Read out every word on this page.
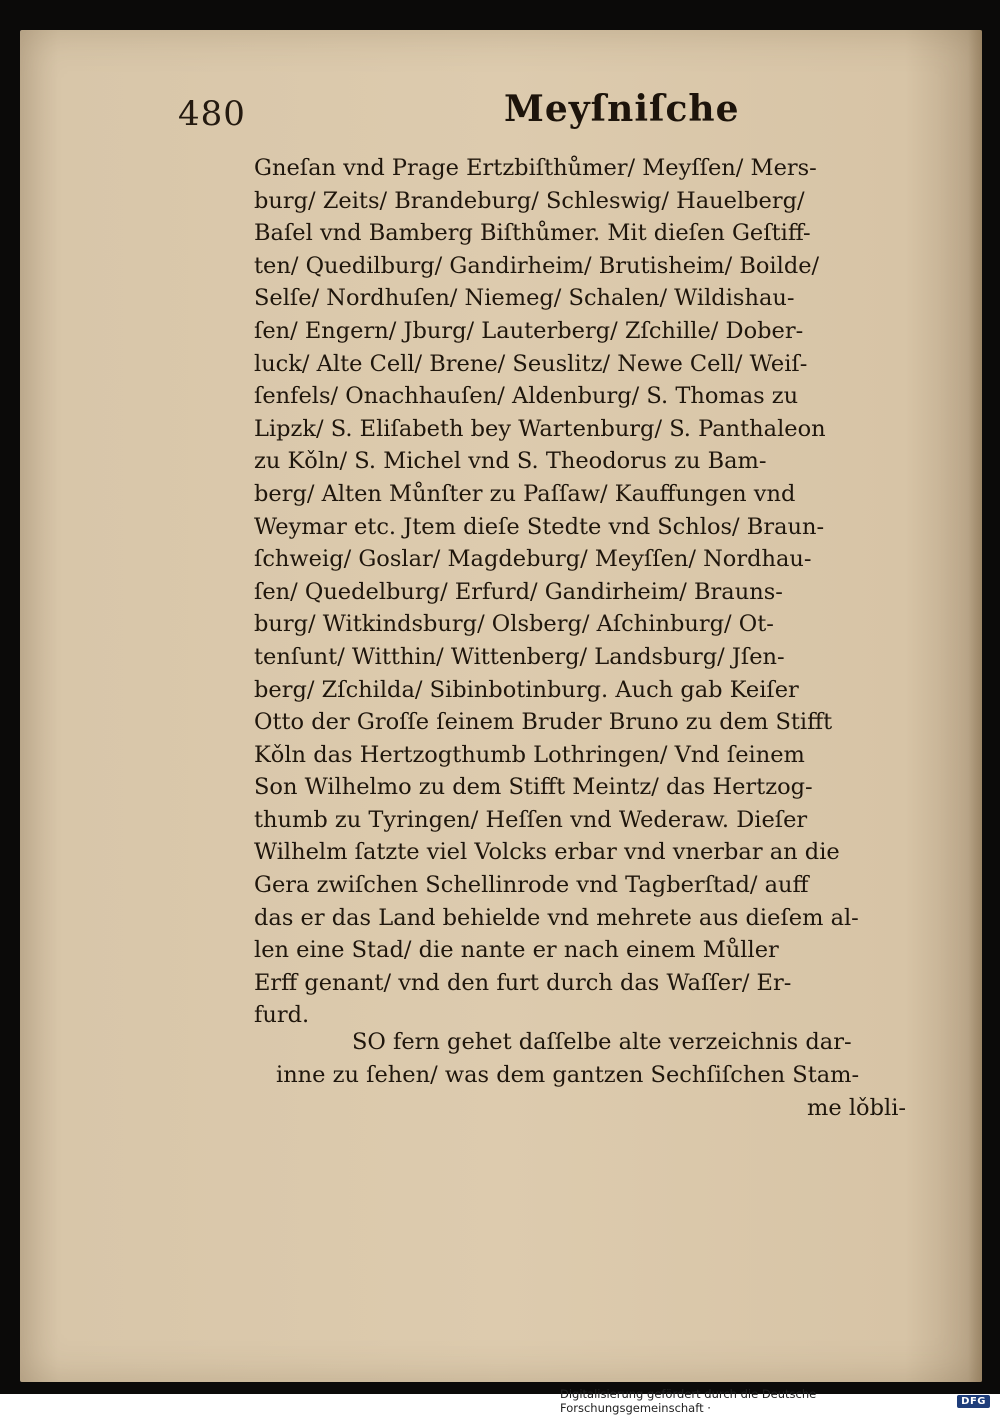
480	Meyſniſche
Gneſan vnd Prage Ertzbiſthůmer/ Meyſſen/ Mers-
burg/ Zeits/ Brandeburg/ Schleswig/ Hauelberg/
Baſel vnd Bamberg Biſthůmer. Mit dieſen Geſtiff-
ten/ Quedilburg/ Gandirheim/ Brutisheim/ Boilde/
Selſe/ Nordhuſen/ Niemeg/ Schalen/ Wildishau-
ſen/ Engern/ Jburg/ Lauterberg/ Zſchille/ Dober-
luck/ Alte Cell/ Brene/ Seuslitz/ Newe Cell/ Weiſ-
ſenfels/ Onachhauſen/ Aldenburg/ S. Thomas zu
Lipzk/ S. Eliſabeth bey Wartenburg/ S. Panthaleon
zu Kǒln/ S. Michel vnd S. Theodorus zu Bam-
berg/ Alten Můnſter zu Paſſaw/ Kauffungen vnd
Weymar etc. Jtem dieſe Stedte vnd Schlos/ Braun-
ſchweig/ Goslar/ Magdeburg/ Meyſſen/ Nordhau-
ſen/ Quedelburg/ Erfurd/ Gandirheim/ Brauns-
burg/ Witkindsburg/ Olsberg/ Aſchinburg/ Ot-
tenſunt/ Witthin/ Wittenberg/ Landsburg/ Jſen-
berg/ Zſchilda/ Sibinbotinburg. Auch gab Keiſer
Otto der Groſſe ſeinem Bruder Bruno zu dem Stifft
Kǒln das Hertzogthumb Lothringen/ Vnd ſeinem
Son Wilhelmo zu dem Stifft Meintz/ das Hertzog-
thumb zu Tyringen/ Heſſen vnd Wederaw. Dieſer
Wilhelm ſatzte viel Volcks erbar vnd vnerbar an die
Gera zwiſchen Schellinrode vnd Tagberſtad/ auff
das er das Land behielde vnd mehrete aus dieſem al-
len eine Stad/ die nante er nach einem Můller
Erff genant/ vnd den furt durch das Waſſer/ Er-
furd.
SO fern gehet daſſelbe alte verzeichnis dar-
inne zu ſehen/ was dem gantzen Sechſiſchen Stam-
me lǒbli-
Digitalisierung gefördert durch die Deutsche Forschungsgemeinschaft ·	DFG
